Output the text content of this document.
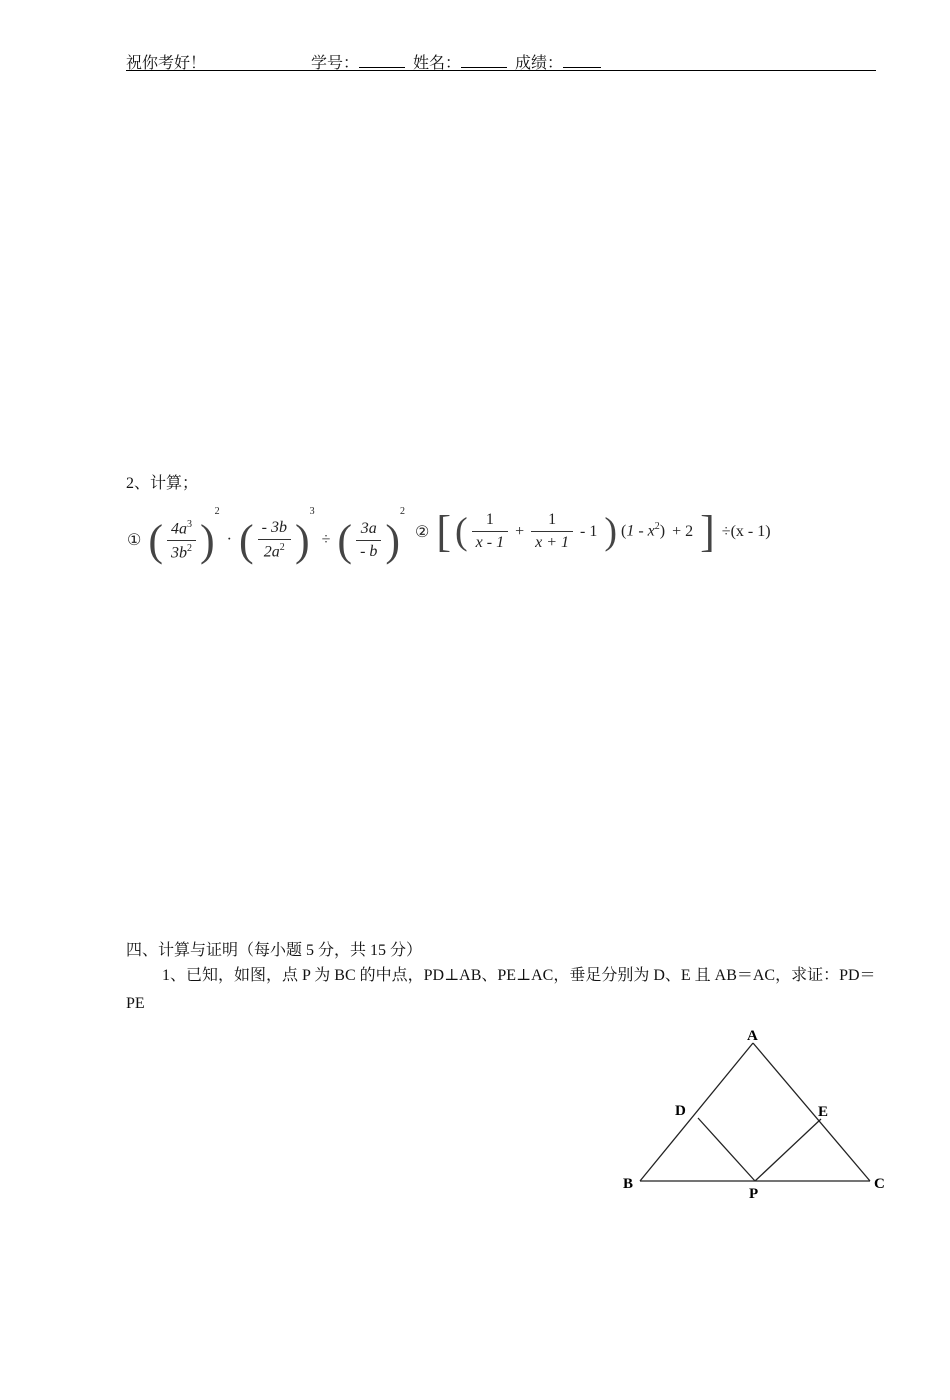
祝你考好！	学号：	姓名：	成绩：
2、计算；
① ( $\frac{4a^3}{3b^2} )^2$ · ( $\frac{- 3b}{2a^2} )^3$ ÷ ( $\frac{3a}{- b} )^2$
② [ ( $\frac{1}{x - 1} + \frac{1}{x + 1} - 1$ ) $(1 - x^2) + 2$ ] ÷(x - 1)
四、计算与证明（每小题 5 分，共 15 分）
1、已知，如图，点 P 为 BC 的中点，PD⊥AB、PE⊥AC，垂足分别为 D、E 且 AB＝AC，求证：PD＝PE
A
D	E
B
P
C
